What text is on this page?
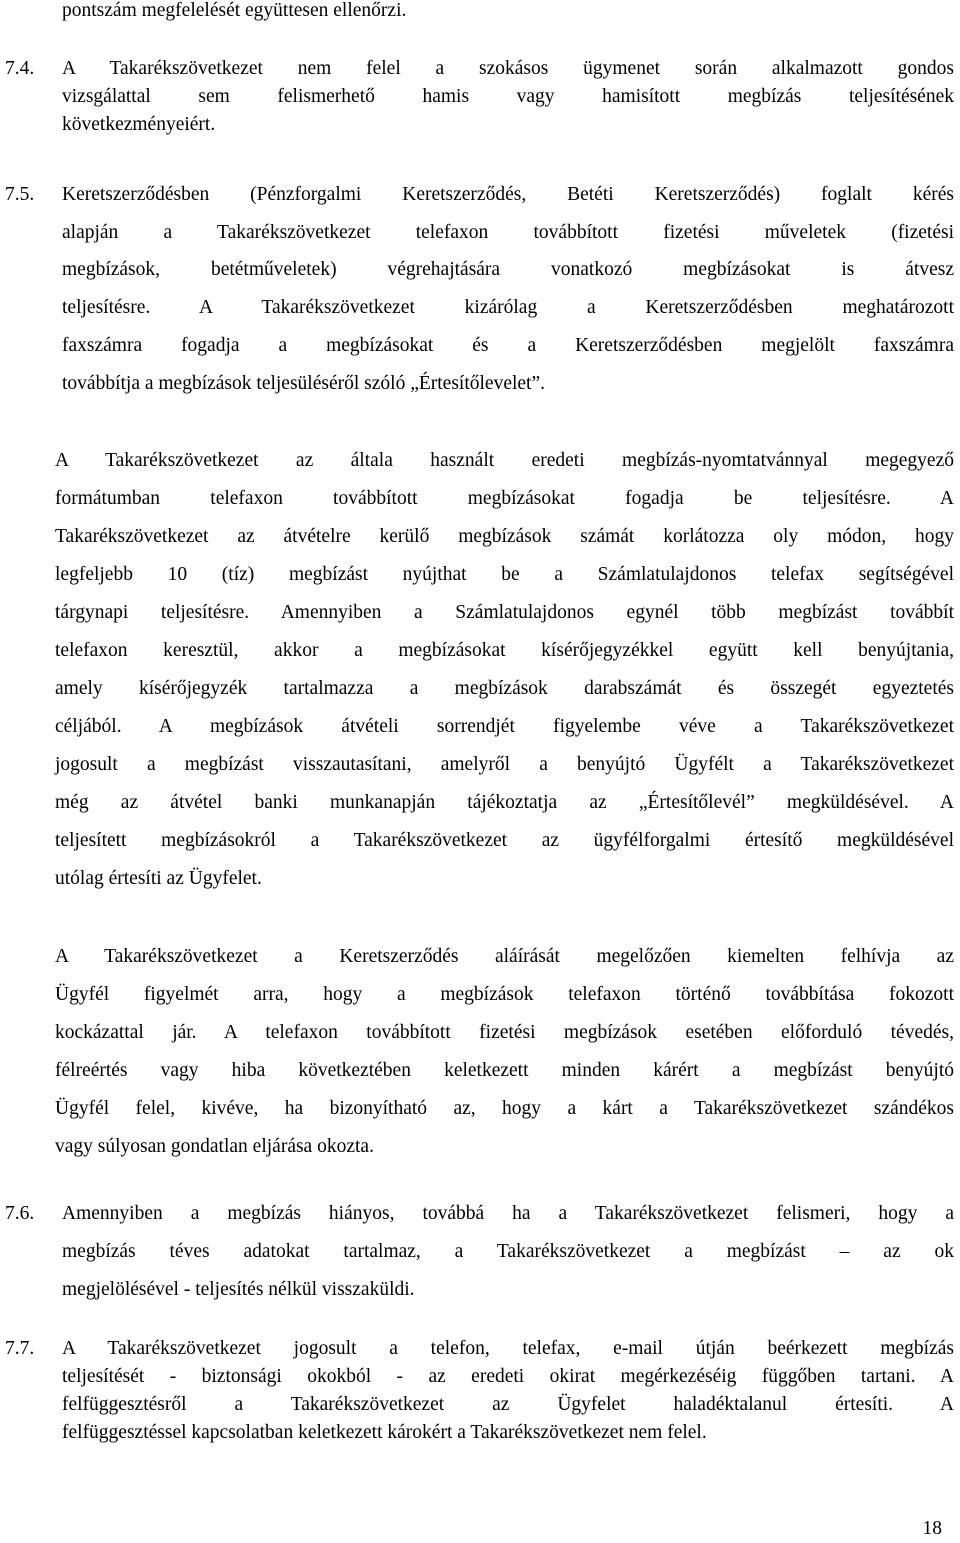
pontszám megfelelését együttesen ellenőrzi.

7.4. A Takarékszövetkezet nem felel a szokásos ügymenet során alkalmazott gondos

vizsgálattal sem felismerhető hamis vagy hamisított megbízás teljesítésének

következményeiért.

7.5. Keretszerződésben (Pénzforgalmi Keretszerződés, Betéti Keretszerződés) foglalt kérés

alapján a Takarékszövetkezet telefaxon továbbított fizetési műveletek (fizetési

megbízások, betétműveletek) végrehajtására vonatkozó megbízásokat is átvesz

teljesítésre. A Takarékszövetkezet kizárólag a Keretszerződésben meghatározott

faxszámra fogadja a megbízásokat és a Keretszerződésben megjelölt faxszámra

továbbítja a megbízások teljesüléséről szóló „Értesítőlevelet”.

A Takarékszövetkezet az általa használt eredeti megbízás-nyomtatvánnyal megegyező

formátumban telefaxon továbbított megbízásokat fogadja be teljesítésre. A

Takarékszövetkezet az átvételre kerülő megbízások számát korlátozza oly módon, hogy

legfeljebb 10 (tíz) megbízást nyújthat be a Számlatulajdonos telefax segítségével

tárgynapi teljesítésre. Amennyiben a Számlatulajdonos egynél több megbízást továbbít

telefaxon keresztül, akkor a megbízásokat kísérőjegyzékkel együtt kell benyújtania,

amely kísérőjegyzék tartalmazza a megbízások darabszámát és összegét egyeztetés

céljából. A megbízások átvételi sorrendjét figyelembe véve a Takarékszövetkezet

jogosult a megbízást visszautasítani, amelyről a benyújtó Ügyfélt a Takarékszövetkezet

még az átvétel banki munkanapján tájékoztatja az „Értesítőlevél” megküldésével. A

teljesített megbízásokról a Takarékszövetkezet az ügyfélforgalmi értesítő megküldésével

utólag értesíti az Ügyfelet.

A Takarékszövetkezet a Keretszerződés aláírását megelőzően kiemelten felhívja az

Ügyfél figyelmét arra, hogy a megbízások telefaxon történő továbbítása fokozott

kockázattal jár. A telefaxon továbbított fizetési megbízások esetében előforduló tévedés,

félreértés vagy hiba következtében keletkezett minden kárért a megbízást benyújtó

Ügyfél felel, kivéve, ha bizonyítható az, hogy a kárt a Takarékszövetkezet szándékos

vagy súlyosan gondatlan eljárása okozta.

7.6. Amennyiben a megbízás hiányos, továbbá ha a Takarékszövetkezet felismeri, hogy a

megbízás téves adatokat tartalmaz, a Takarékszövetkezet a megbízást – az ok

megjelölésével - teljesítés nélkül visszaküldi.

7.7. A Takarékszövetkezet jogosult a telefon, telefax, e-mail útján beérkezett megbízás

teljesítését - biztonsági okokból - az eredeti okirat megérkezéséig függőben tartani. A

felfüggesztésről a Takarékszövetkezet az Ügyfelet haladéktalanul értesíti. A

felfüggesztéssel kapcsolatban keletkezett károkért a Takarékszövetkezet nem felel.

18
